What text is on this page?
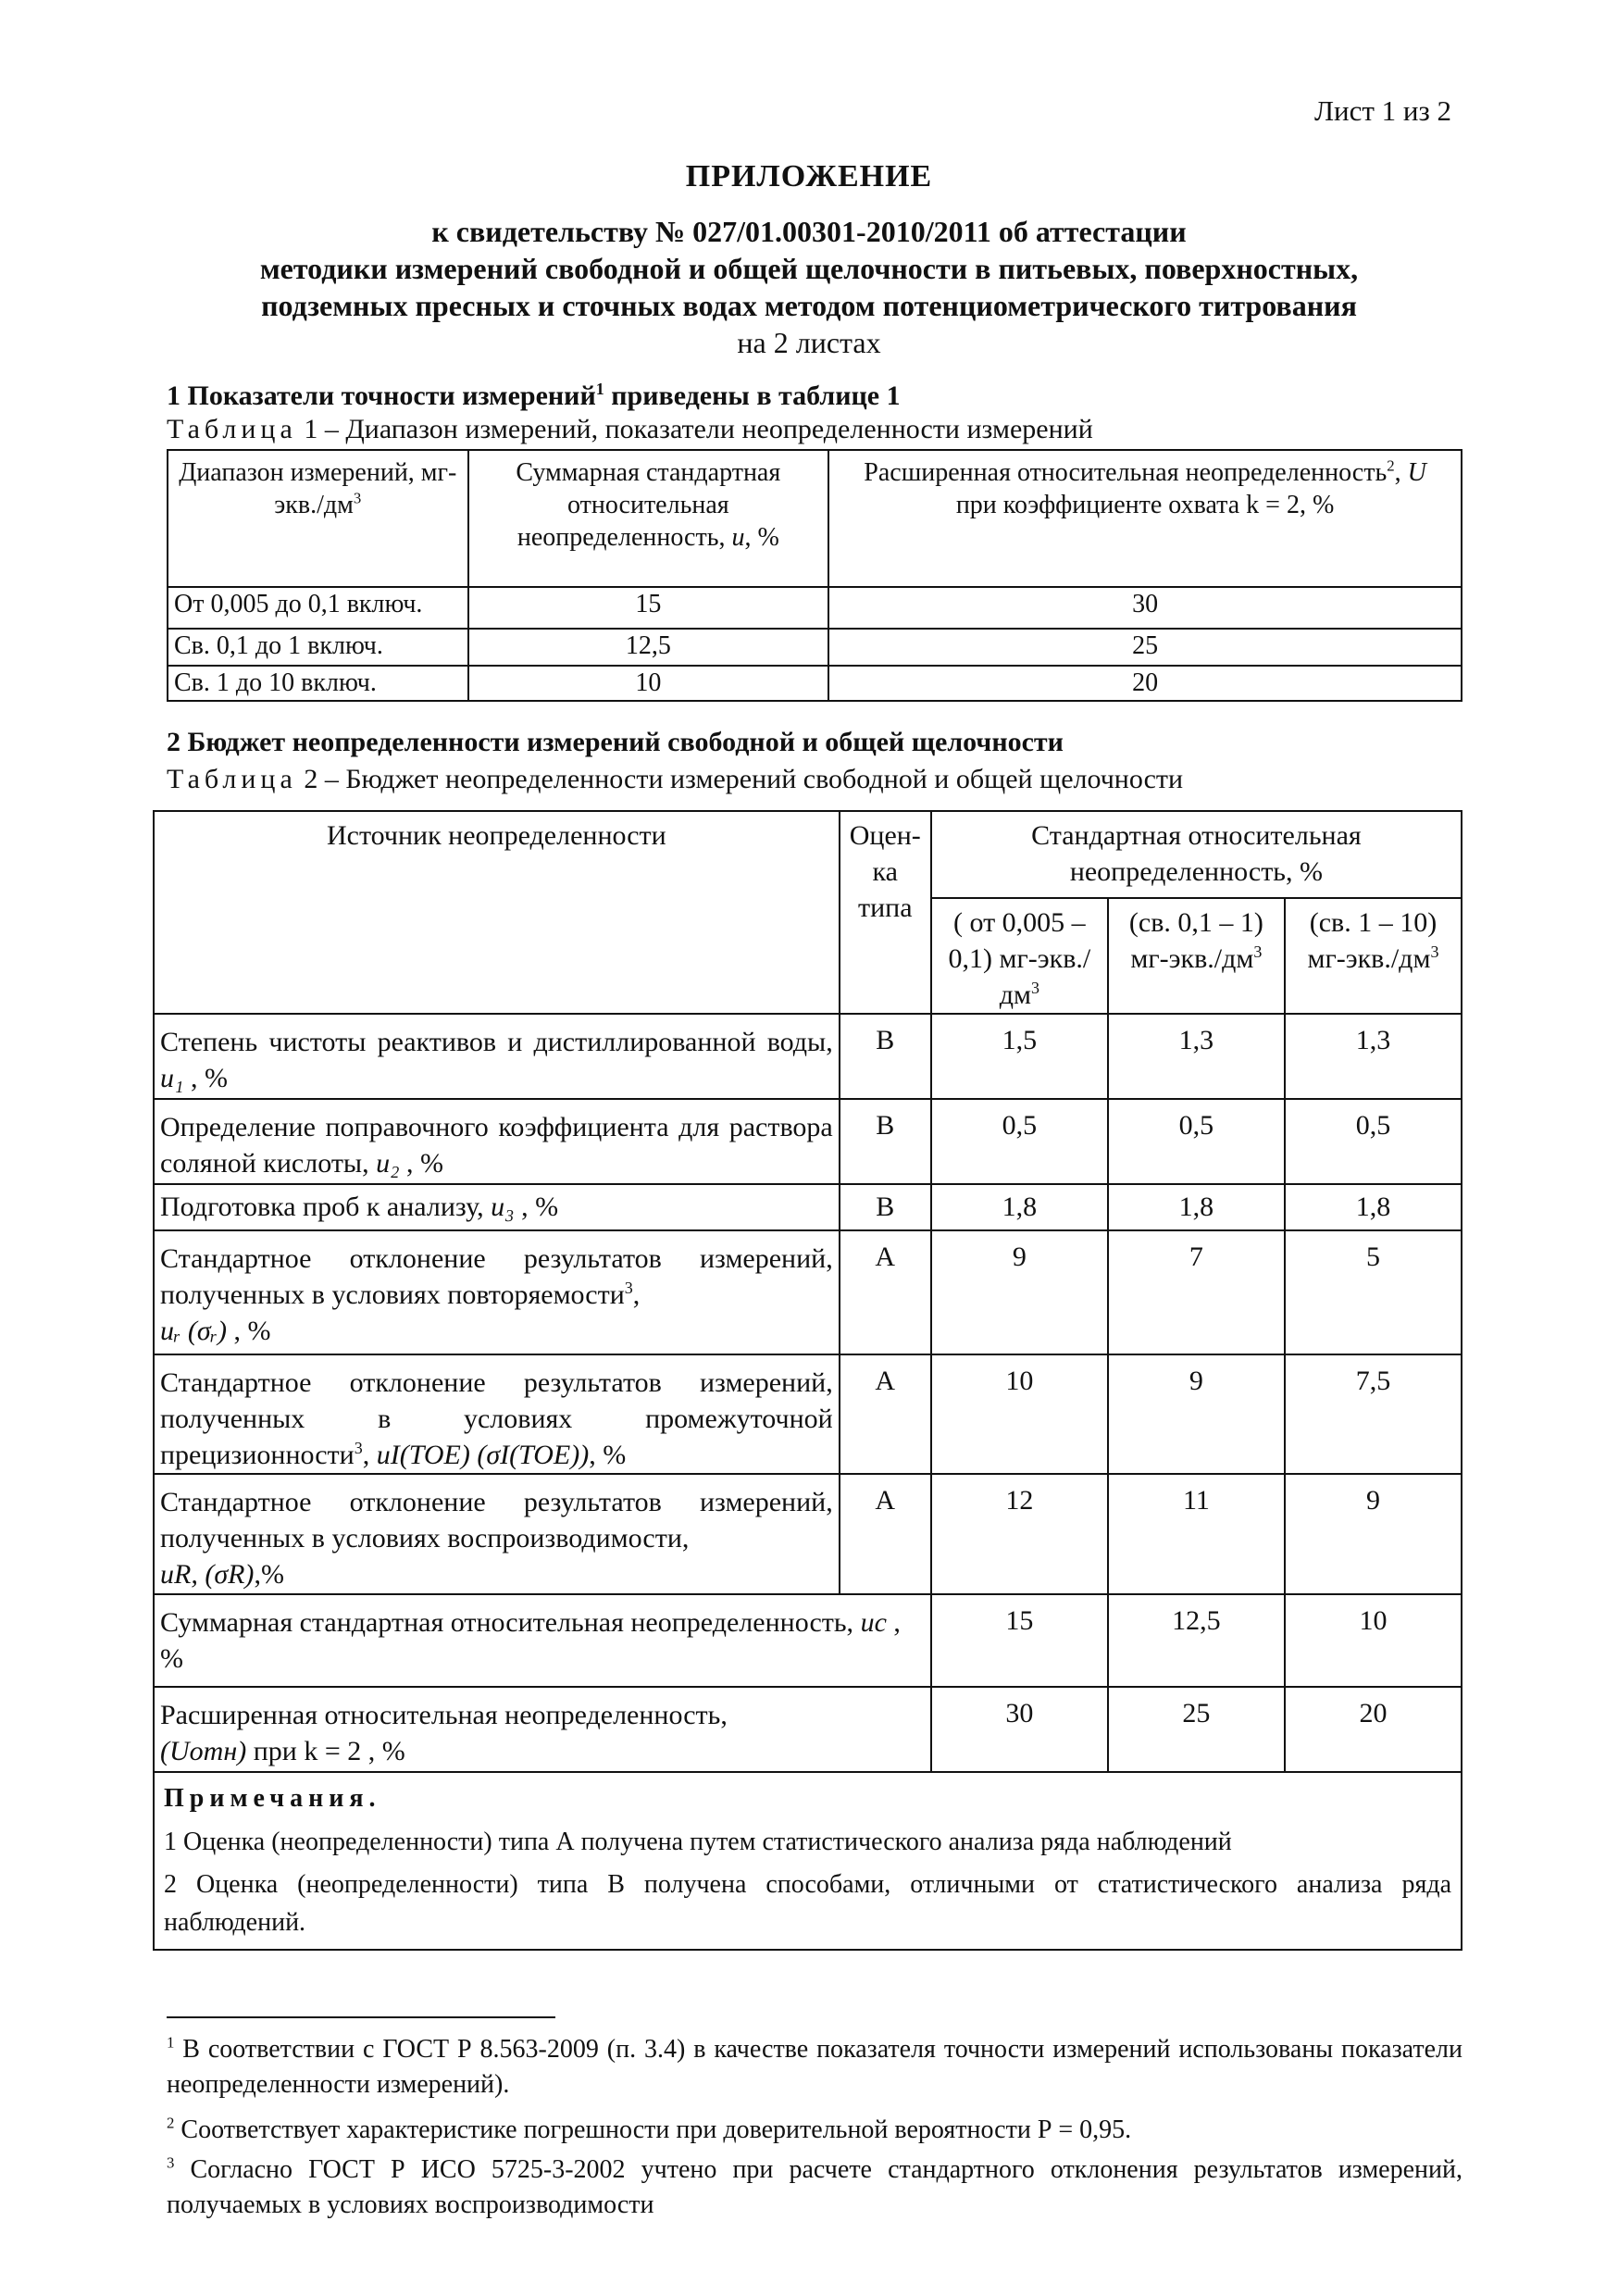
Лист 1 из 2
ПРИЛОЖЕНИЕ
к свидетельству № 027/01.00301-2010/2011 об аттестации
методики измерений свободной и общей щелочности в питьевых, поверхностных,
подземных пресных и сточных водах методом потенциометрического титрования
на 2 листах
1 Показатели точности измерений$^1$ приведены в таблице 1
Таблица 1 – Диапазон измерений, показатели неопределенности измерений
Диапазон измерений, $мг-экв./дм^3$	Суммарная стандартная относительная неопределенность, u, %	Расширенная относительная неопределенность$^2$, U
при коэффициенте охвата k = 2, %
От 0,005 до 0,1 включ.	15	30
Св. 0,1 до 1 включ.	12,5	25
Св. 1 до 10 включ.	10	20
2 Бюджет неопределенности измерений свободной и общей щелочности
Таблица 2 – Бюджет неопределенности измерений свободной и общей щелочности
Источник неопределенности	Оцен-ка типа	Стандартная относительная неопределенность, %		
		( от 0,005 – 0,1) $мг-экв./дм^3$	(св. 0,1 – 1) $мг-экв./дм^3$	(св. 1 – 10) $мг-экв./дм^3$
Степень чистоты реактивов и дистиллированной воды, u₁ , %	B	1,5	1,3	1,3
Определение поправочного коэффициента для раствора соляной кислоты, u₂ , %	B	0,5	0,5	0,5
Подготовка проб к анализу, u₃ , %	B	1,8	1,8	1,8
Стандартное отклонение результатов измерений, полученных в условиях повторяемости$^3$,
uᵣ (σᵣ) , %	A	9	7	5
Стандартное отклонение результатов измерений, полученных в условиях промежуточной прецизионности$^3$, uI(TOE) (σI(TOE)), %	A	10	9	7,5
Стандартное отклонение результатов измерений, полученных в условиях воспроизводимости,
uR, (σR),%	A	12	11	9
Суммарная стандартная относительная неопределенность, uc , %		15	12,5	10
Расширенная относительная неопределенность,
(Uотн) при k = 2 , %		30	25	20

Примечания.
1 Оценка (неопределенности) типа А получена путем статистического анализа ряда наблюдений
2 Оценка (неопределенности) типа В получена способами, отличными от статистического анализа ряда наблюдений.				
$^1$ В соответствии с ГОСТ Р 8.563-2009 (п. 3.4) в качестве показателя точности измерений использованы показатели неопределенности измерений).
$^2$ Соответствует характеристике погрешности при доверительной вероятности Р = 0,95.
$^3$ Согласно ГОСТ Р ИСО 5725-3-2002 учтено при расчете стандартного отклонения результатов измерений, получаемых в условиях воспроизводимости
